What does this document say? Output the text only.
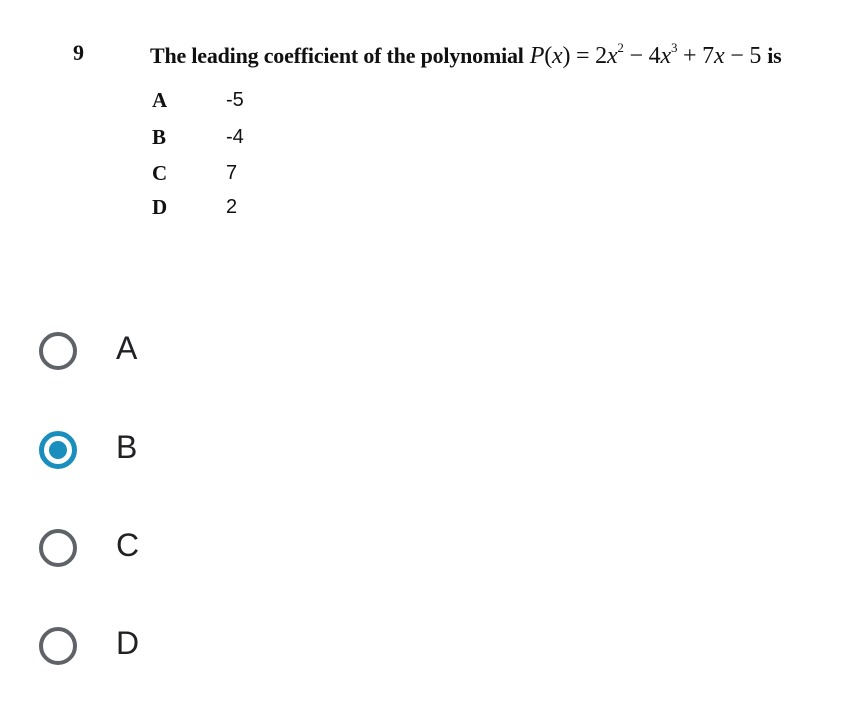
9	The leading coefficient of the polynomial $P(x) = 2x^2 - 4x^3 + 7x - 5$ is
A	-5
B	-4
C	7
D	2
A
B
C
D
